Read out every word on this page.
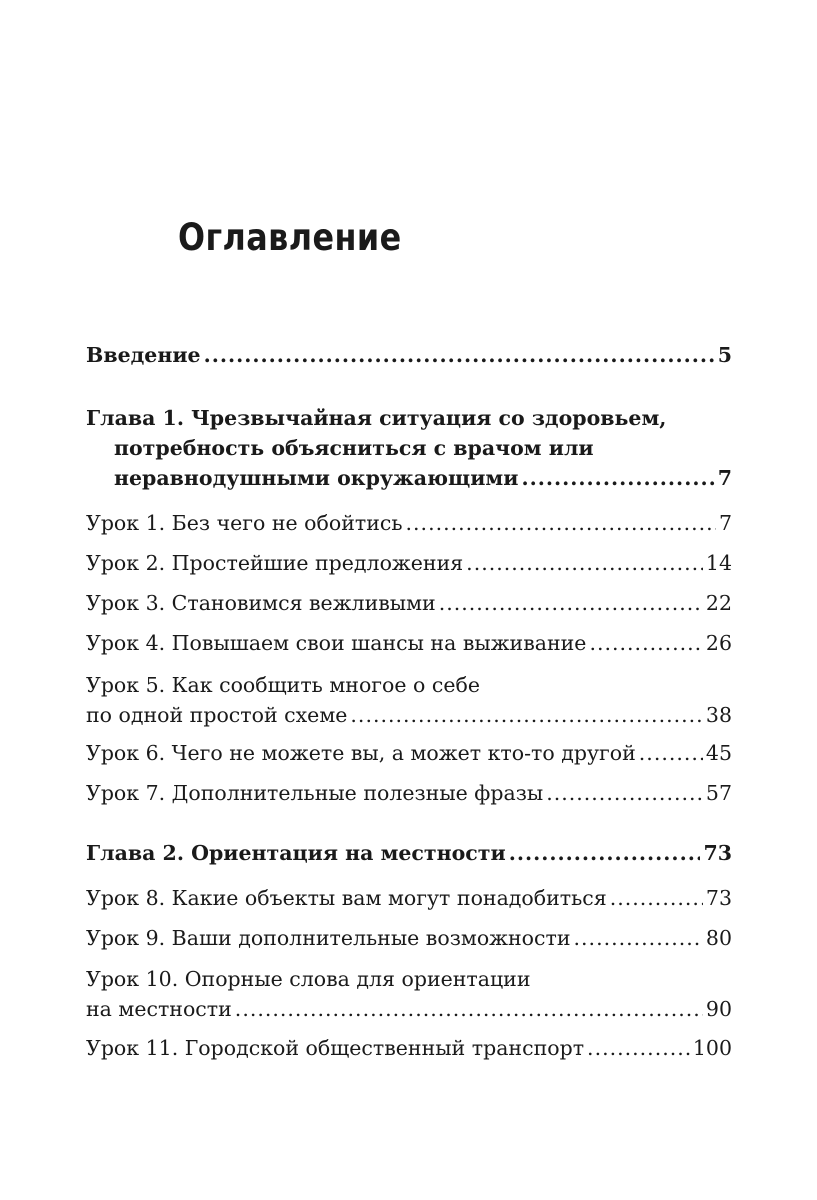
Оглавление
Введение .....	5
Глава 1. Чрезвычайная ситуация со здоровьем,
потребность объясниться с врачом или
неравнодушными окружающими .....	7
Урок 1. Без чего не обойтись .....	7
Урок 2. Простейшие предложения .....	14
Урок 3. Становимся вежливыми .....	22
Урок 4. Повышаем свои шансы на выживание .....	26
Урок 5. Как сообщить многое о себе
по одной простой схеме .....	38
Урок 6. Чего не можете вы, а может кто-то другой .....	45
Урок 7. Дополнительные полезные фразы .....	57
Глава 2. Ориентация на местности .....	73
Урок 8. Какие объекты вам могут понадобиться .....	73
Урок 9. Ваши дополнительные возможности .....	80
Урок 10. Опорные слова для ориентации
на местности .....	90
Урок 11. Городской общественный транспорт .....	100
